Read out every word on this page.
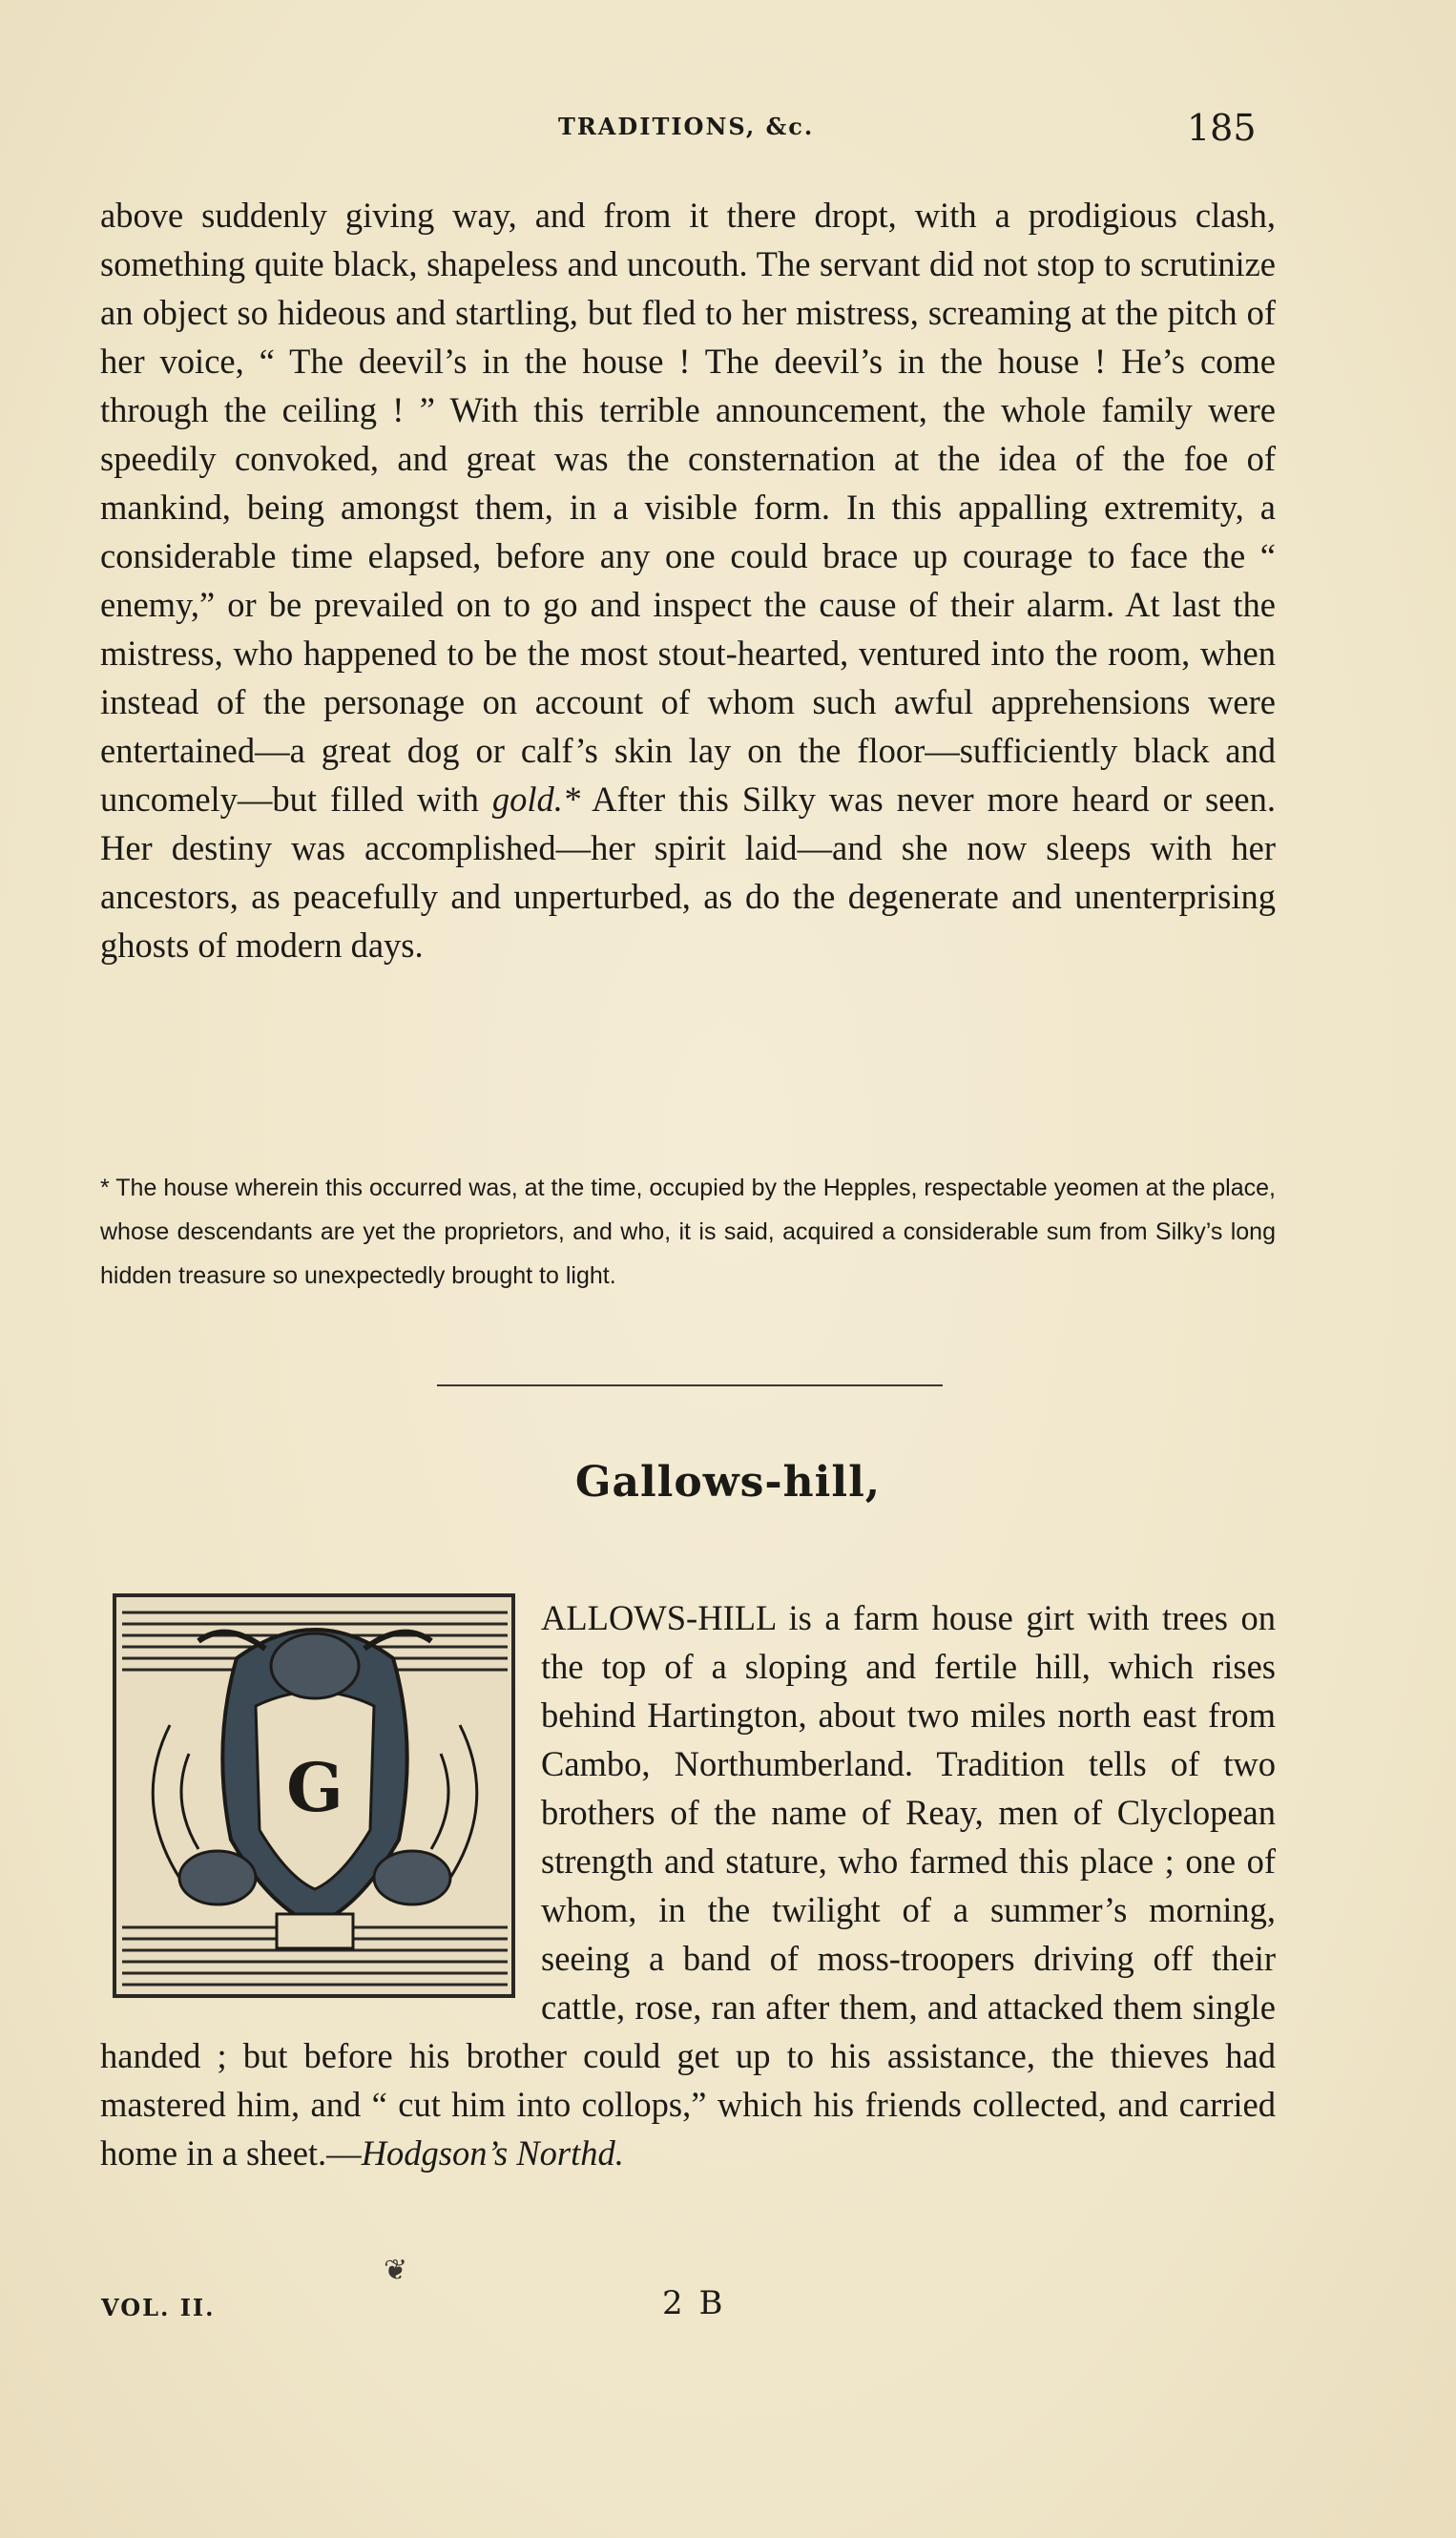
TRADITIONS, &c.	185

above suddenly giving way, and from it there dropt, with a prodigious clash, something quite black, shapeless and uncouth. The servant did not stop to scrutinize an object so hideous and startling, but fled to her mistress, screaming at the pitch of her voice, “ The deevil’s in the house ! The deevil’s in the house ! He’s come through the ceiling ! ” With this terrible announcement, the whole family were speedily convoked, and great was the consternation at the idea of the foe of mankind, being amongst them, in a visible form. In this appalling extremity, a considerable time elapsed, before any one could brace up courage to face the “ enemy,” or be prevailed on to go and inspect the cause of their alarm. At last the mistress, who happened to be the most stout-hearted, ventured into the room, when instead of the personage on account of whom such awful apprehensions were entertained—a great dog or calf’s skin lay on the floor—sufficiently black and uncomely—but filled with gold.* After this Silky was never more heard or seen. Her destiny was accomplished—her spirit laid—and she now sleeps with her ancestors, as peacefully and unperturbed, as do the degenerate and unenterprising ghosts of modern days.

* The house wherein this occurred was, at the time, occupied by the Hepples, respectable yeomen at the place, whose descendants are yet the proprietors, and who, it is said, acquired a considerable sum from Silky’s long hidden treasure so unexpectedly brought to light.

Gallows-hill,

ALLOWS-HILL is a farm house girt with trees on the top of a sloping and fertile hill, which rises behind Hartington, about two miles north east from Cambo, Northumberland. Tradition tells of two brothers of the name of Reay, men of Clyclopean strength and stature, who farmed this place ; one of whom, in the twilight of a summer’s morning, seeing a band of moss-troopers driving off their cattle, rose, ran after them, and attacked them single handed ; but before his brother could get up to his assistance, the thieves had mastered him, and “ cut him into collops,” which his friends collected, and carried home in a sheet.—Hodgson’s Northd.

G
❦
VOL. II.	2 B
